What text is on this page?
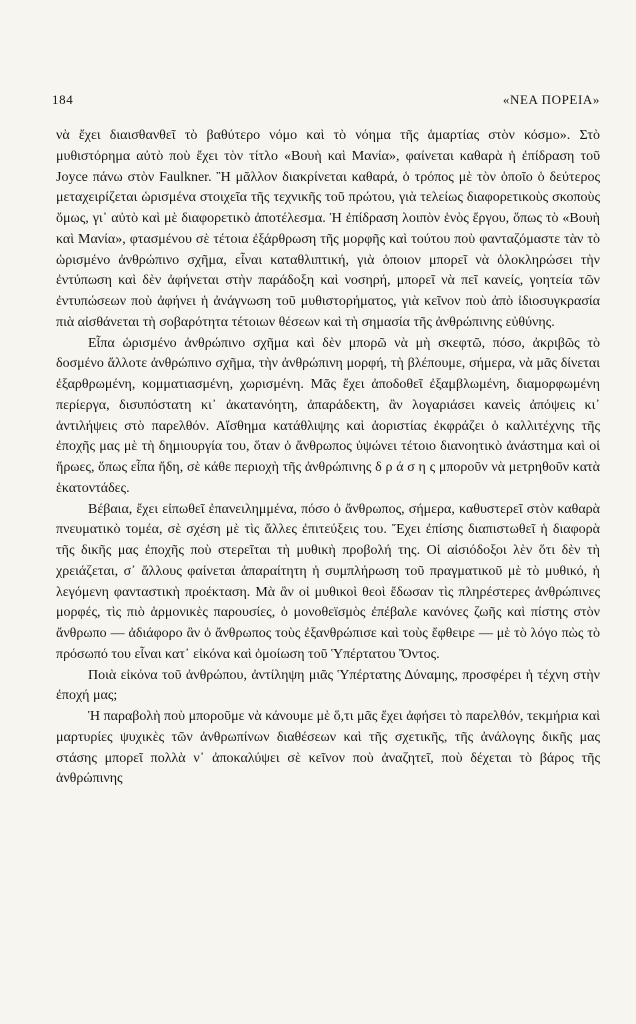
184	«ΝΕΑ ΠΟΡΕΙΑ»

νὰ ἔχει διαισθανθεῖ τὸ βαθύτερο νόμο καὶ τὸ νόημα τῆς ἁμαρτίας στὸν κόσμο». Στὸ μυθιστόρημα αὐτὸ ποὺ ἔχει τὸν τίτλο «Βουὴ καὶ Μανία», φαίνεται καθαρὰ ἡ ἐπίδραση τοῦ Joyce πάνω στὸν Faulkner. Ἢ μᾶλλον διακρίνεται καθαρά, ὁ τρόπος μὲ τὸν ὁποῖο ὁ δεύτερος μεταχειρίζεται ὡρισμένα στοιχεῖα τῆς τεχνικῆς τοῦ πρώτου, γιὰ τελείως διαφορετικοὺς σκοποὺς ὅμως, γι᾽ αὐτὸ καὶ μὲ διαφορετικὸ ἀποτέλεσμα. Ἡ ἐπίδραση λοιπὸν ἑνὸς ἔργου, ὅπως τὸ «Βουὴ καὶ Μανία», φτασμένου σὲ τέτοια ἐξάρθρωση τῆς μορφῆς καὶ τούτου ποὺ φανταζόμαστε τὰν τὸ ὡρισμένο ἀνθρώπινο σχῆμα, εἶναι καταθλιπτική, γιὰ ὁποιον μπορεῖ νὰ ὁλοκληρώσει τὴν ἐντύπωση καὶ δὲν ἀφήνεται στὴν παράδοξη καὶ νοσηρή, μπορεῖ νὰ πεῖ κανείς, γοητεία τῶν ἐντυπώσεων ποὺ ἀφήνει ἡ ἀνάγνωση τοῦ μυθιστορήματος, γιὰ κεῖνον ποὺ ἀπὸ ἰδιοσυγκρασία πιὰ αἰσθάνεται τὴ σοβαρότητα τέτοιων θέσεων καὶ τὴ σημασία τῆς ἀνθρώπινης εὐθύνης.

Εἶπα ὡρισμένο ἀνθρώπινο σχῆμα καὶ δὲν μπορῶ νὰ μὴ σκεφτῶ, πόσο, ἀκριβῶς τὸ δοσμένο ἄλλοτε ἀνθρώπινο σχῆμα, τὴν ἀνθρώπινη μορφή, τὴ βλέπουμε, σήμερα, νὰ μᾶς δίνεται ἐξαρθρωμένη, κομματιασμένη, χωρισμένη. Μᾶς ἔχει ἀποδοθεῖ ἐξαμβλωμένη, διαμορφωμένη περίεργα, δισυπόστατη κι᾽ ἀκατανόητη, ἀπαράδεκτη, ἂν λογαριάσει κανεὶς ἀπόψεις κι᾽ ἀντιλήψεις στὸ παρελθόν. Αἴσθημα κατάθλιψης καὶ ἀοριστίας ἐκφράζει ὁ καλλιτέχνης τῆς ἐποχῆς μας μὲ τὴ δημιουργία του, ὅταν ὁ ἄνθρωπος ὑψώνει τέτοιο διανοητικὸ ἀνάστημα καὶ οἱ ἥρωες, ὅπως εἶπα ἤδη, σὲ κάθε περιοχὴ τῆς ἀνθρώπινης δ ρ ά σ η ς μποροῦν νὰ μετρηθοῦν κατὰ ἑκατοντάδες.

Βέβαια, ἔχει εἰπωθεῖ ἐπανειλημμένα, πόσο ὁ ἄνθρωπος, σήμερα, καθυστερεῖ στὸν καθαρὰ πνευματικὸ τομέα, σὲ σχέση μὲ τὶς ἄλλες ἐπιτεύξεις του. Ἔχει ἐπίσης διαπιστωθεῖ ἡ διαφορὰ τῆς δικῆς μας ἐποχῆς ποὺ στερεῖται τὴ μυθικὴ προβολή της. Οἱ αἰσιόδοξοι λὲν ὅτι δὲν τὴ χρειάζεται, σ᾽ ἄλλους φαίνεται ἀπαραίτητη ἡ συμπλήρωση τοῦ πραγματικοῦ μὲ τὸ μυθικό, ἡ λεγόμενη φανταστικὴ προέκταση. Μὰ ἂν οἱ μυθικοὶ θεοὶ ἔδωσαν τὶς πληρέστερες ἀνθρώπινες μορφές, τὶς πιὸ ἁρμονικὲς παρουσίες, ὁ μονοθεϊσμὸς ἐπέβαλε κανόνες ζωῆς καὶ πίστης στὸν ἄνθρωπο — ἀδιάφορο ἂν ὁ ἄνθρωπος τοὺς ἐξανθρώπισε καὶ τοὺς ἔφθειρε — μὲ τὸ λόγο πὼς τὸ πρόσωπό του εἶναι κατ᾽ εἰκόνα καὶ ὁμοίωση τοῦ Ὑπέρτατου Ὄντος.

Ποιὰ εἰκόνα τοῦ ἀνθρώπου, ἀντίληψη μιᾶς Ὑπέρτατης Δύναμης, προσφέρει ἡ τέχνη στὴν ἐποχή μας;

Ἡ παραβολὴ ποὺ μποροῦμε νὰ κάνουμε μὲ ὅ,τι μᾶς ἔχει ἀφήσει τὸ παρελθόν, τεκμήρια καὶ μαρτυρίες ψυχικὲς τῶν ἀνθρωπίνων διαθέσεων καὶ τῆς σχετικῆς, τῆς ἀνάλογης δικῆς μας στάσης μπορεῖ πολλὰ ν᾽ ἀποκαλύψει σὲ κεῖνον ποὺ ἀναζητεῖ, ποὺ δέχεται τὸ βάρος τῆς ἀνθρώπινης
